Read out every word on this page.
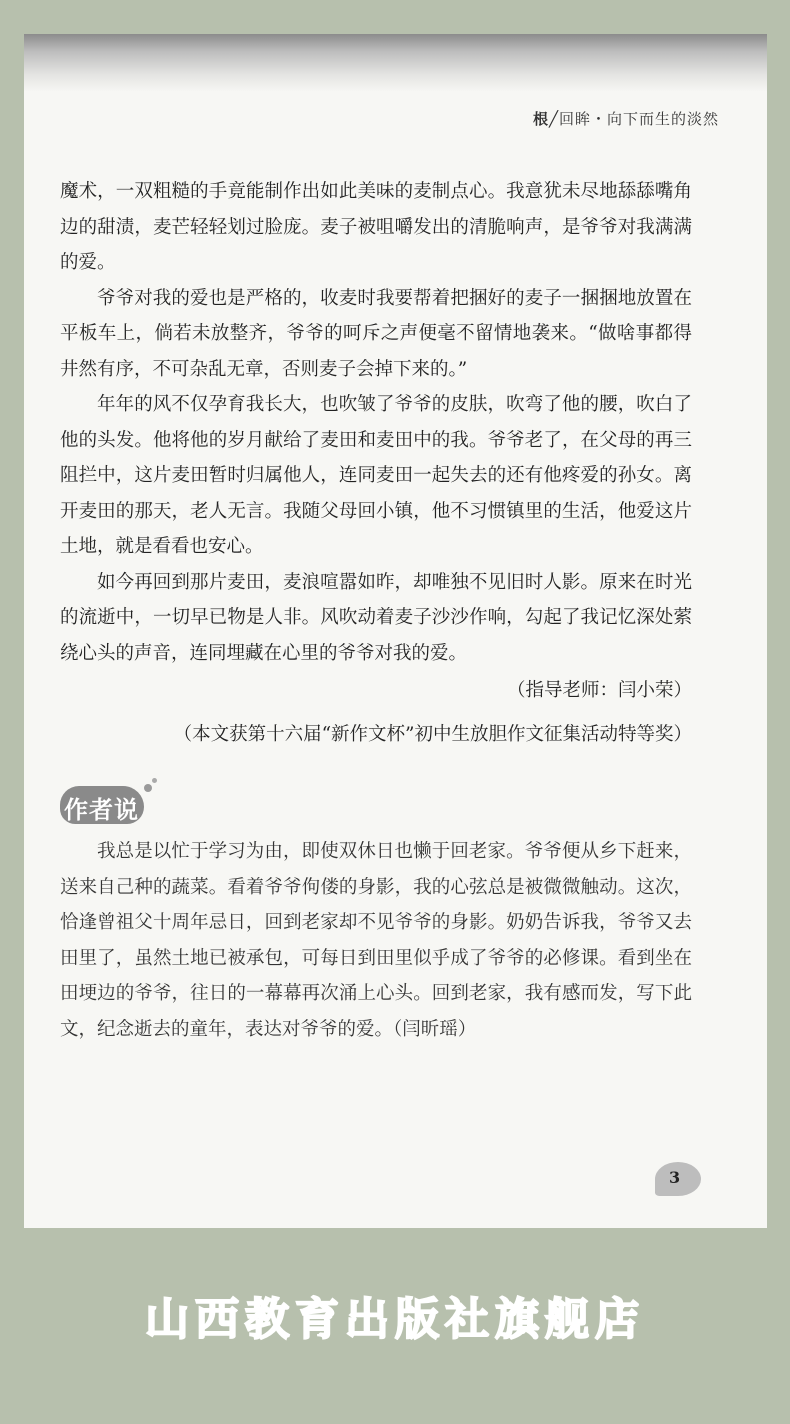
根╱回眸・向下而生的淡然

魔术，一双粗糙的手竟能制作出如此美味的麦制点心。我意犹未尽地舔舔嘴角边的甜渍，麦芒轻轻划过脸庞。麦子被咀嚼发出的清脆响声，是爷爷对我满满的爱。

爷爷对我的爱也是严格的，收麦时我要帮着把捆好的麦子一捆捆地放置在平板车上，倘若未放整齐，爷爷的呵斥之声便毫不留情地袭来。“做啥事都得井然有序，不可杂乱无章，否则麦子会掉下来的。”

年年的风不仅孕育我长大，也吹皱了爷爷的皮肤，吹弯了他的腰，吹白了他的头发。他将他的岁月献给了麦田和麦田中的我。爷爷老了，在父母的再三阻拦中，这片麦田暂时归属他人，连同麦田一起失去的还有他疼爱的孙女。离开麦田的那天，老人无言。我随父母回小镇，他不习惯镇里的生活，他爱这片土地，就是看看也安心。

如今再回到那片麦田，麦浪喧嚣如昨，却唯独不见旧时人影。原来在时光的流逝中，一切早已物是人非。风吹动着麦子沙沙作响，勾起了我记忆深处萦绕心头的声音，连同埋藏在心里的爷爷对我的爱。

（指导老师：闫小荣）
（本文获第十六届“新作文杯”初中生放胆作文征集活动特等奖）
作者说

我总是以忙于学习为由，即使双休日也懒于回老家。爷爷便从乡下赶来，送来自己种的蔬菜。看着爷爷佝偻的身影，我的心弦总是被微微触动。这次，恰逢曾祖父十周年忌日，回到老家却不见爷爷的身影。奶奶告诉我，爷爷又去田里了，虽然土地已被承包，可每日到田里似乎成了爷爷的必修课。看到坐在田埂边的爷爷，往日的一幕幕再次涌上心头。回到老家，我有感而发，写下此文，纪念逝去的童年，表达对爷爷的爱。（闫昕瑶）

3
山西教育出版社旗舰店
